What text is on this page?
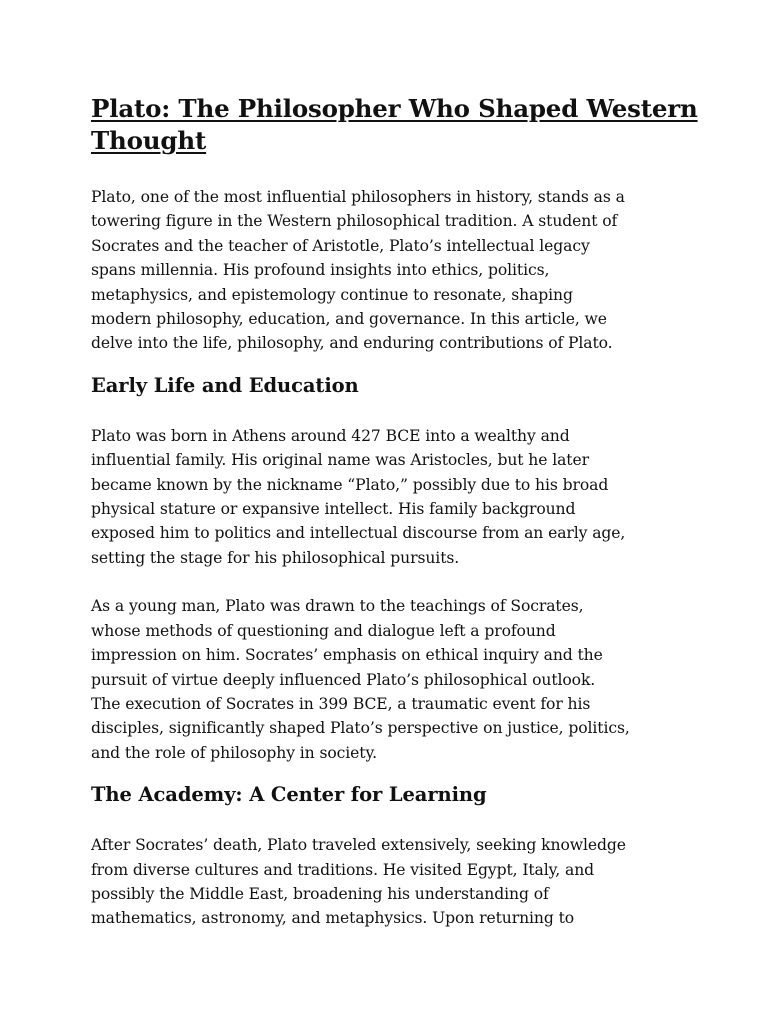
Plato: The Philosopher Who Shaped Western
Thought

Plato, one of the most influential philosophers in history, stands as a
towering figure in the Western philosophical tradition. A student of
Socrates and the teacher of Aristotle, Plato’s intellectual legacy
spans millennia. His profound insights into ethics, politics,
metaphysics, and epistemology continue to resonate, shaping
modern philosophy, education, and governance. In this article, we
delve into the life, philosophy, and enduring contributions of Plato.

Early Life and Education

Plato was born in Athens around 427 BCE into a wealthy and
influential family. His original name was Aristocles, but he later
became known by the nickname “Plato,” possibly due to his broad
physical stature or expansive intellect. His family background
exposed him to politics and intellectual discourse from an early age,
setting the stage for his philosophical pursuits.

As a young man, Plato was drawn to the teachings of Socrates,
whose methods of questioning and dialogue left a profound
impression on him. Socrates’ emphasis on ethical inquiry and the
pursuit of virtue deeply influenced Plato’s philosophical outlook.
The execution of Socrates in 399 BCE, a traumatic event for his
disciples, significantly shaped Plato’s perspective on justice, politics,
and the role of philosophy in society.

The Academy: A Center for Learning

After Socrates’ death, Plato traveled extensively, seeking knowledge
from diverse cultures and traditions. He visited Egypt, Italy, and
possibly the Middle East, broadening his understanding of
mathematics, astronomy, and metaphysics. Upon returning to
